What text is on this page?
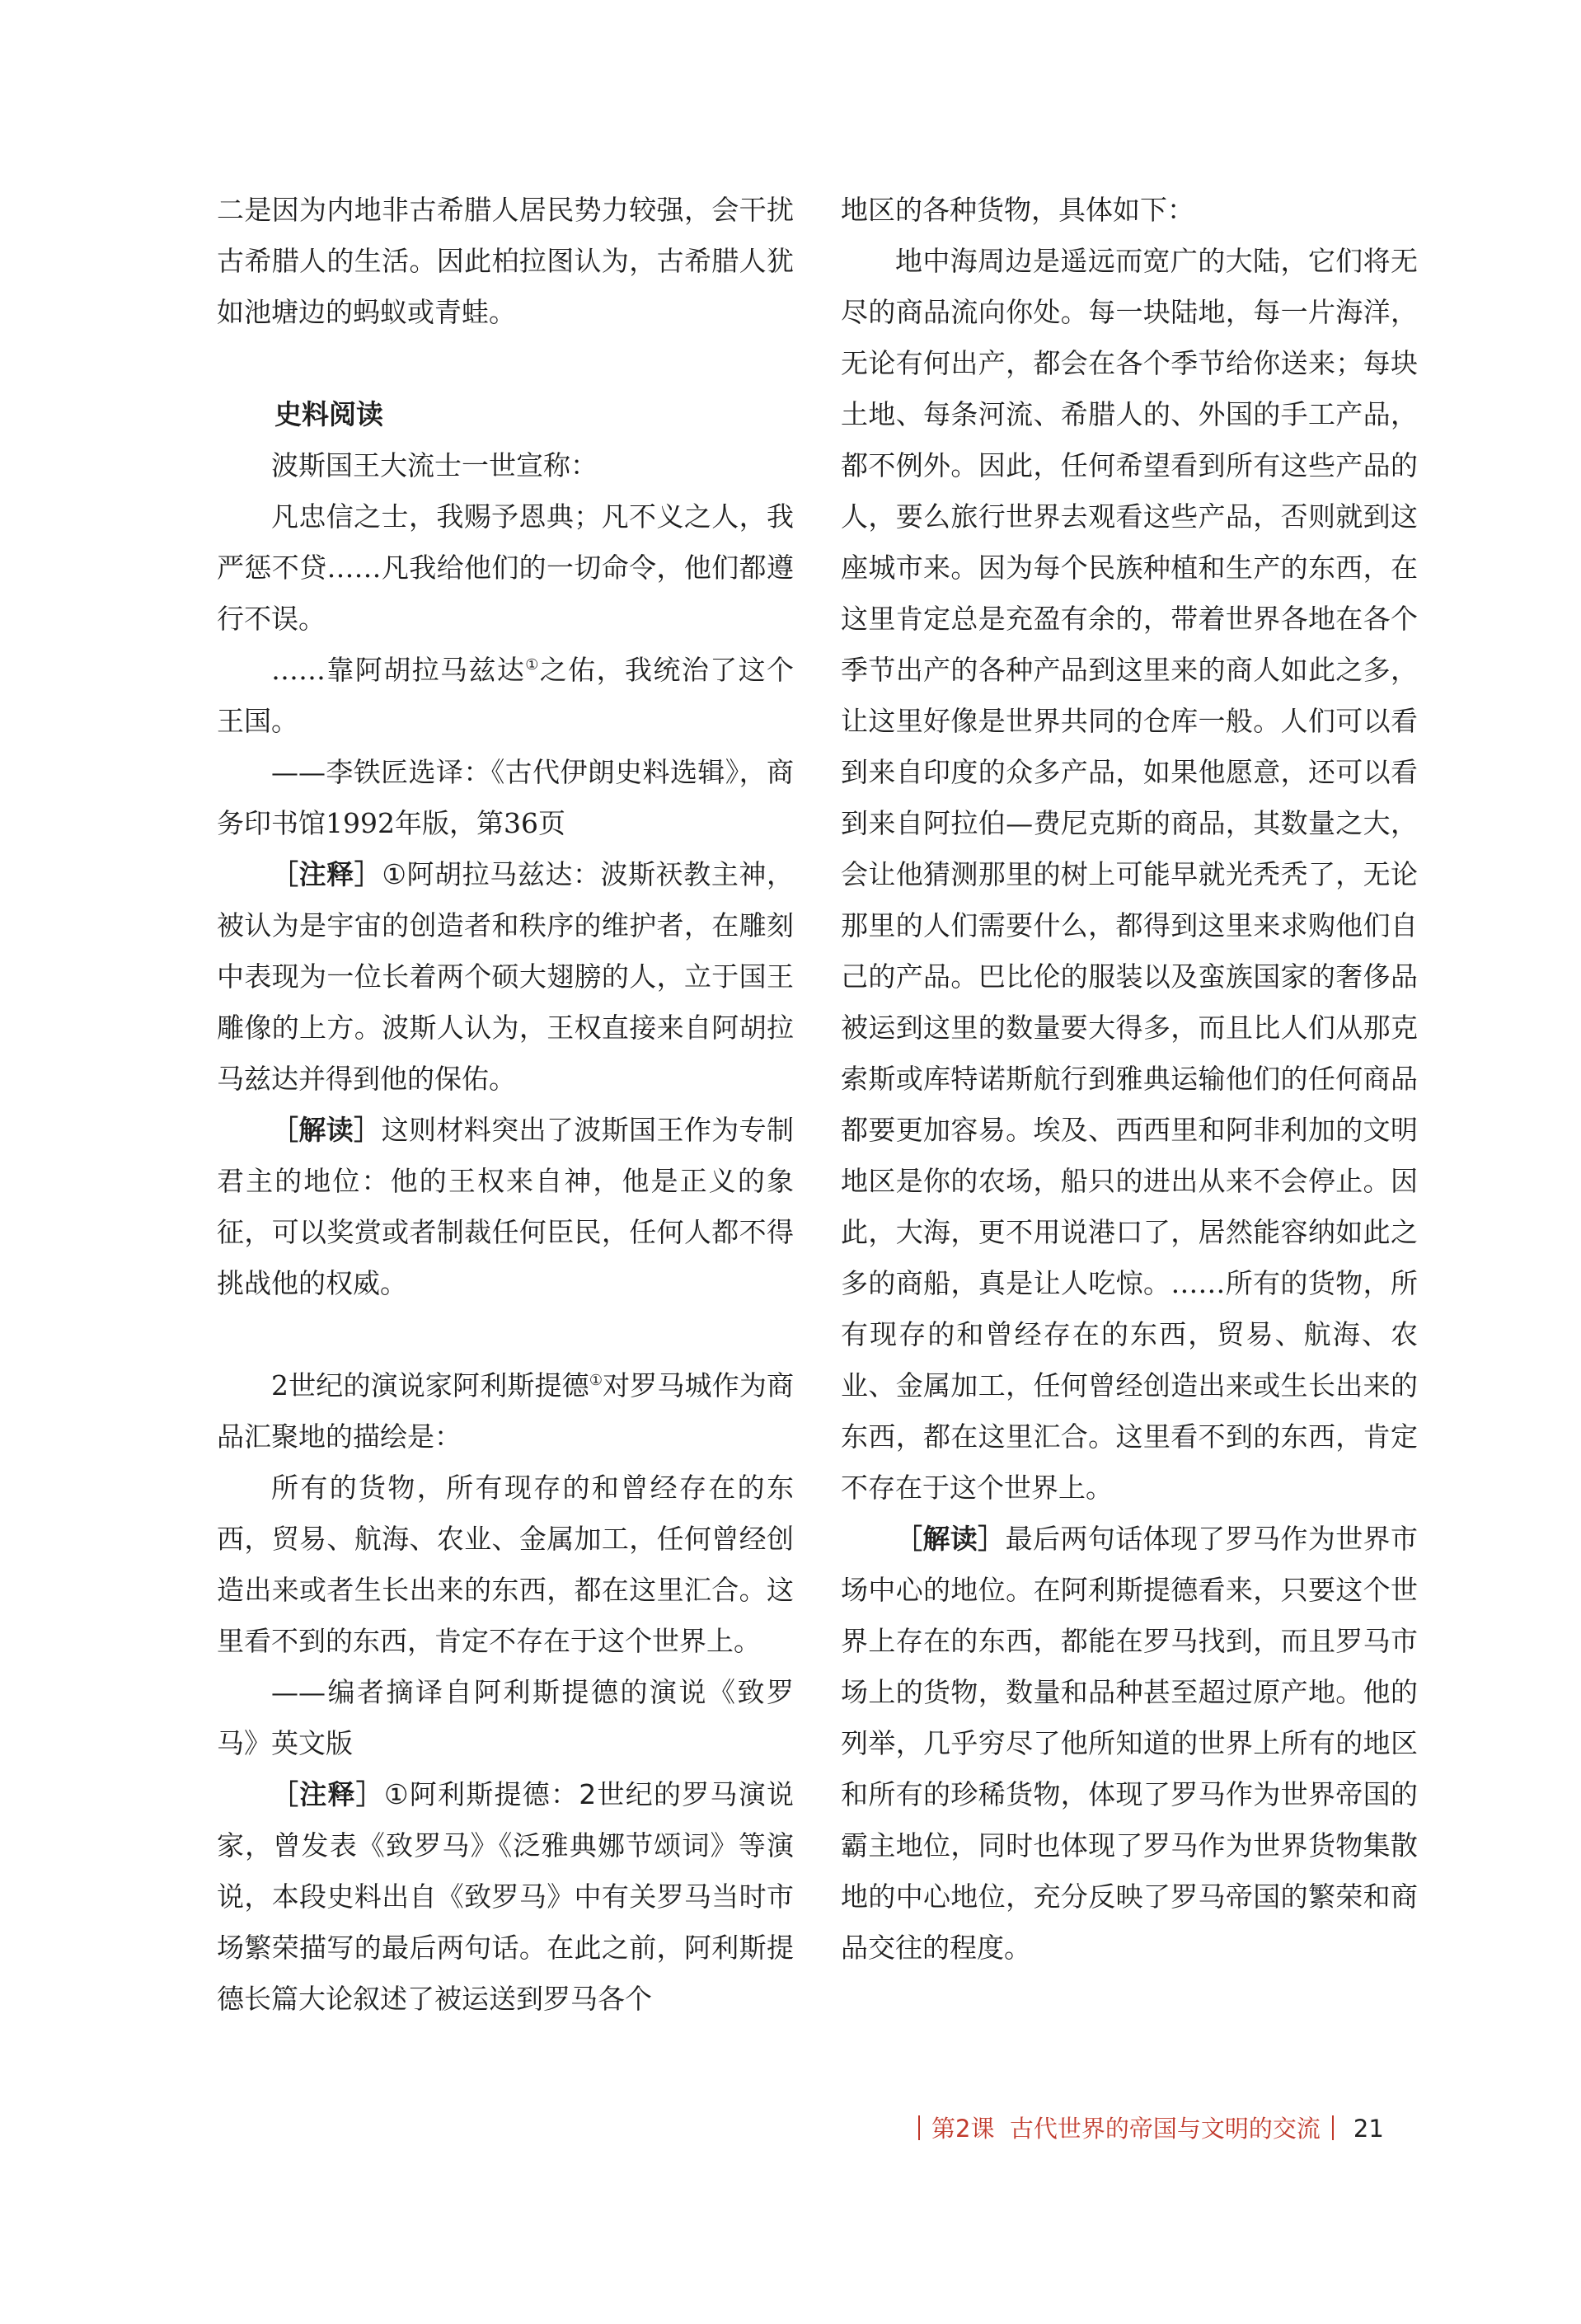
二是因为内地非古希腊人居民势力较强，会干扰古希腊人的生活。因此柏拉图认为，古希腊人犹如池塘边的蚂蚁或青蛙。

史料阅读

波斯国王大流士一世宣称：

凡忠信之士，我赐予恩典；凡不义之人，我严惩不贷……凡我给他们的一切命令，他们都遵行不误。

……靠阿胡拉马兹达①之佑，我统治了这个王国。

——李铁匠选译：《古代伊朗史料选辑》，商务印书馆1992年版，第36页

［注释］①阿胡拉马兹达：波斯祆教主神，被认为是宇宙的创造者和秩序的维护者，在雕刻中表现为一位长着两个硕大翅膀的人，立于国王雕像的上方。波斯人认为，王权直接来自阿胡拉马兹达并得到他的保佑。

［解读］这则材料突出了波斯国王作为专制君主的地位：他的王权来自神，他是正义的象征，可以奖赏或者制裁任何臣民，任何人都不得挑战他的权威。

2世纪的演说家阿利斯提德①对罗马城作为商品汇聚地的描绘是：

所有的货物，所有现存的和曾经存在的东西，贸易、航海、农业、金属加工，任何曾经创造出来或者生长出来的东西，都在这里汇合。这里看不到的东西，肯定不存在于这个世界上。

——编者摘译自阿利斯提德的演说《致罗马》英文版

［注释］①阿利斯提德：2世纪的罗马演说家，曾发表《致罗马》《泛雅典娜节颂词》等演说，本段史料出自《致罗马》中有关罗马当时市场繁荣描写的最后两句话。在此之前，阿利斯提德长篇大论叙述了被运送到罗马各个

地区的各种货物，具体如下：

地中海周边是遥远而宽广的大陆，它们将无尽的商品流向你处。每一块陆地，每一片海洋，无论有何出产，都会在各个季节给你送来；每块土地、每条河流、希腊人的、外国的手工产品，都不例外。因此，任何希望看到所有这些产品的人，要么旅行世界去观看这些产品，否则就到这座城市来。因为每个民族种植和生产的东西，在这里肯定总是充盈有余的，带着世界各地在各个季节出产的各种产品到这里来的商人如此之多，让这里好像是世界共同的仓库一般。人们可以看到来自印度的众多产品，如果他愿意，还可以看到来自阿拉伯—费尼克斯的商品，其数量之大，会让他猜测那里的树上可能早就光秃秃了，无论那里的人们需要什么，都得到这里来求购他们自己的产品。巴比伦的服装以及蛮族国家的奢侈品被运到这里的数量要大得多，而且比人们从那克索斯或库特诺斯航行到雅典运输他们的任何商品都要更加容易。埃及、西西里和阿非利加的文明地区是你的农场，船只的进出从来不会停止。因此，大海，更不用说港口了，居然能容纳如此之多的商船，真是让人吃惊。……所有的货物，所有现存的和曾经存在的东西，贸易、航海、农业、金属加工，任何曾经创造出来或生长出来的东西，都在这里汇合。这里看不到的东西，肯定不存在于这个世界上。

［解读］最后两句话体现了罗马作为世界市场中心的地位。在阿利斯提德看来，只要这个世界上存在的东西，都能在罗马找到，而且罗马市场上的货物，数量和品种甚至超过原产地。他的列举，几乎穷尽了他所知道的世界上所有的地区和所有的珍稀货物，体现了罗马作为世界帝国的霸主地位，同时也体现了罗马作为世界货物集散地的中心地位，充分反映了罗马帝国的繁荣和商品交往的程度。

第2课 古代世界的帝国与文明的交流 21
